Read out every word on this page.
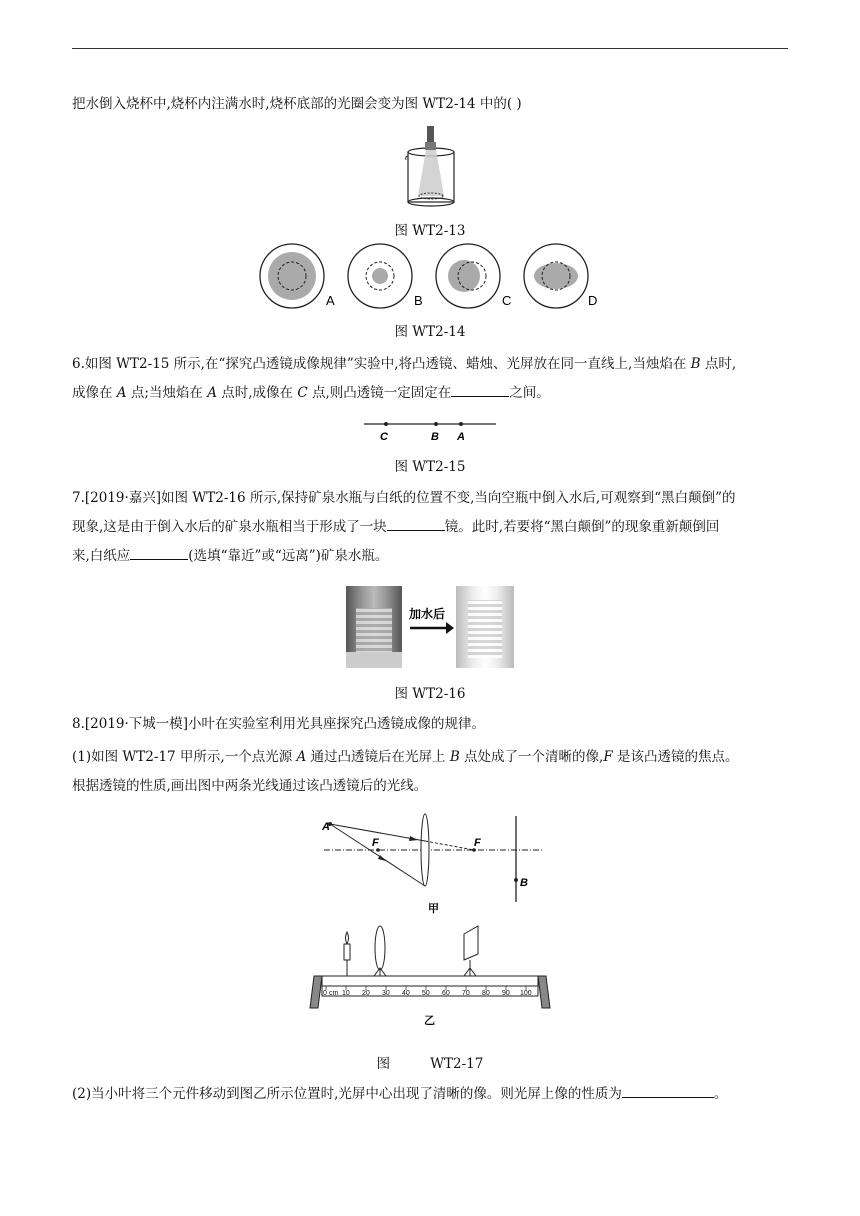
把水倒入烧杯中,烧杯内注满水时,烧杯底部的光圈会变为图 WT2-14 中的( )
图 WT2-13
A	B	C	D
图 WT2-14
6.如图 WT2-15 所示,在“探究凸透镜成像规律”实验中,将凸透镜、蜡烛、光屏放在同一直线上,当烛焰在 B 点时,
成像在 A 点;当烛焰在 A 点时,成像在 C 点,则凸透镜一定固定在	之间。
C	B A
图 WT2-15
7.[2019·嘉兴]如图 WT2-16 所示,保持矿泉水瓶与白纸的位置不变,当向空瓶中倒入水后,可观察到“黑白颠倒”的
现象,这是由于倒入水后的矿泉水瓶相当于形成了一块	镜。此时,若要将“黑白颠倒”的现象重新颠倒回
来,白纸应	(选填“靠近”或“远离”)矿泉水瓶。
加水后
图 WT2-16
8.[2019·下城一模]小叶在实验室利用光具座探究凸透镜成像的规律。
(1)如图 WT2-17 甲所示,一个点光源 A 通过凸透镜后在光屏上 B 点处成了一个清晰的像,F 是该凸透镜的焦点。
根据透镜的性质,画出图中两条光线通过该凸透镜后的光线。
A
F	F
B
甲
0 cm 10 20 30 40 50 60 70 80 90 100
乙
图	WT2-17
(2)当小叶将三个元件移动到图乙所示位置时,光屏中心出现了清晰的像。则光屏上像的性质为	。
